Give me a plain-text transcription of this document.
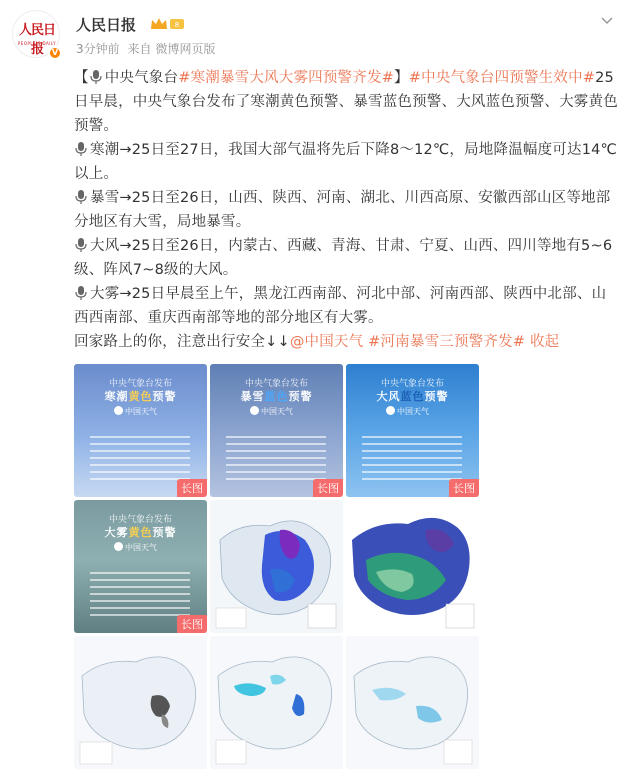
人民日报
PEOPLE'S DAILY
V
人民日报	8
3分钟前 来自 微博网页版
【 中央气象台#寒潮暴雪大风大雾四预警齐发#】#中央气象台四预警生效中#25日早晨，中央气象台发布了寒潮黄色预警、暴雪蓝色预警、大风蓝色预警、大雾黄色预警。
寒潮→25日至27日，我国大部气温将先后下降8～12℃，局地降温幅度可达14℃以上。
暴雪→25日至26日，山西、陕西、河南、湖北、川西高原、安徽西部山区等地部分地区有大雪，局地暴雪。
大风→25日至26日，内蒙古、西藏、青海、甘肃、宁夏、山西、四川等地有5~6级、阵风7~8级的大风。
大雾→25日早晨至上午，黑龙江西南部、河北中部、河南西部、陕西中北部、山西西南部、重庆西南部等地的部分地区有大雾。
回家路上的你，注意出行安全↓↓@中国天气 #河南暴雪三预警齐发# 收起
中央气象台发布
寒潮黄色预警
中国天气
长图
中央气象台发布
暴雪蓝色预警
中国天气
长图
中央气象台发布
大风蓝色预警
中国天气
长图
中央气象台发布
大雾黄色预警
中国天气
长图
